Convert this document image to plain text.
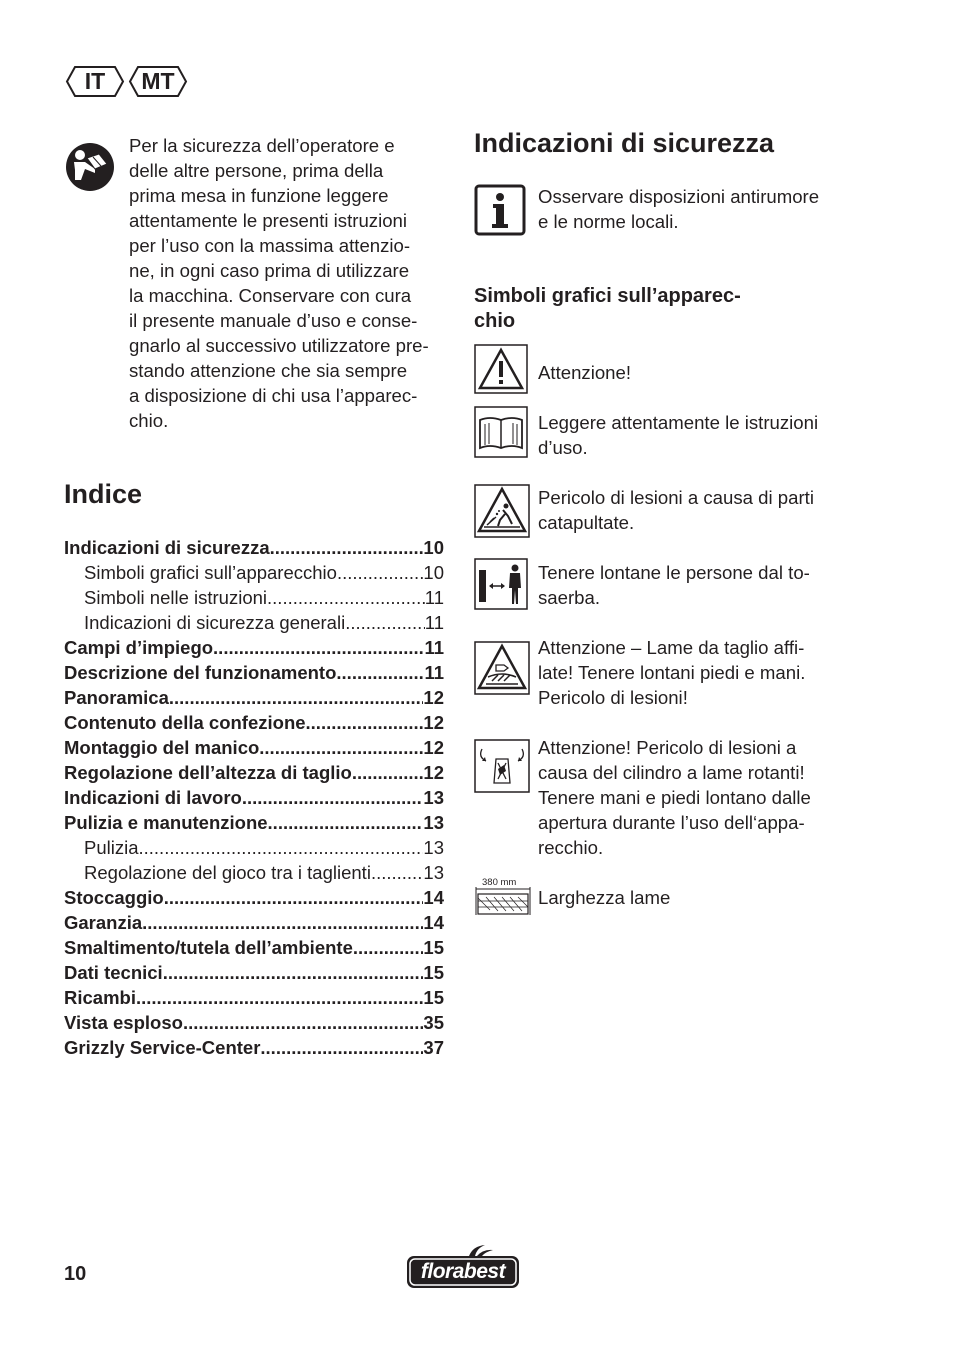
IT	MT

Per la sicurezza dell’operatore e

delle altre persone, prima della

prima mesa in funzione leggere

attentamente le presenti istruzioni

per l’uso con la massima attenzio-

ne, in ogni caso prima di utilizzare

la macchina. Conservare con cura

il presente manuale d’uso e conse-

gnarlo al successivo utilizzatore pre-

stando attenzione che sia sempre

a disposizione di chi usa l’apparec-

chio.

Indice
Indicazioni di sicurezza .....	10
Simboli grafici sull’apparecchio .....	10
Simboli nelle istruzioni .....	11
Indicazioni di sicurezza generali .....	11
Campi d’impiego .....	11
Descrizione del funzionamento .....	11
Panoramica .....	12
Contenuto della confezione .....	12
Montaggio del manico .....	12
Regolazione dell’altezza di taglio .....	12
Indicazioni di lavoro .....	13
Pulizia e manutenzione .....	13
Pulizia .....	13
Regolazione del gioco tra i taglienti .....	13
Stoccaggio .....	14
Garanzia .....	14
Smaltimento/tutela dell’ambiente .....	15
Dati tecnici .....	15
Ricambi .....	15
Vista esploso .....	35
Grizzly Service-Center .....	37
Indicazioni di sicurezza

Osservare disposizioni antirumore

e le norme locali.

Simboli grafici sull’apparec-
chio

Attenzione!

Leggere attentamente le istruzioni

d’uso.

Pericolo di lesioni a causa di parti

catapultate.

Tenere lontane le persone dal to-

saerba.

Attenzione – Lame da taglio affi-

late! Tenere lontani piedi e mani.

Pericolo di lesioni!

Attenzione! Pericolo di lesioni a

causa del cilindro a lame rotanti!

Tenere mani e piedi lontano dalle

apertura durante l’uso dell‘appa-

recchio.

380 mm

Larghezza lame

10	florabest
